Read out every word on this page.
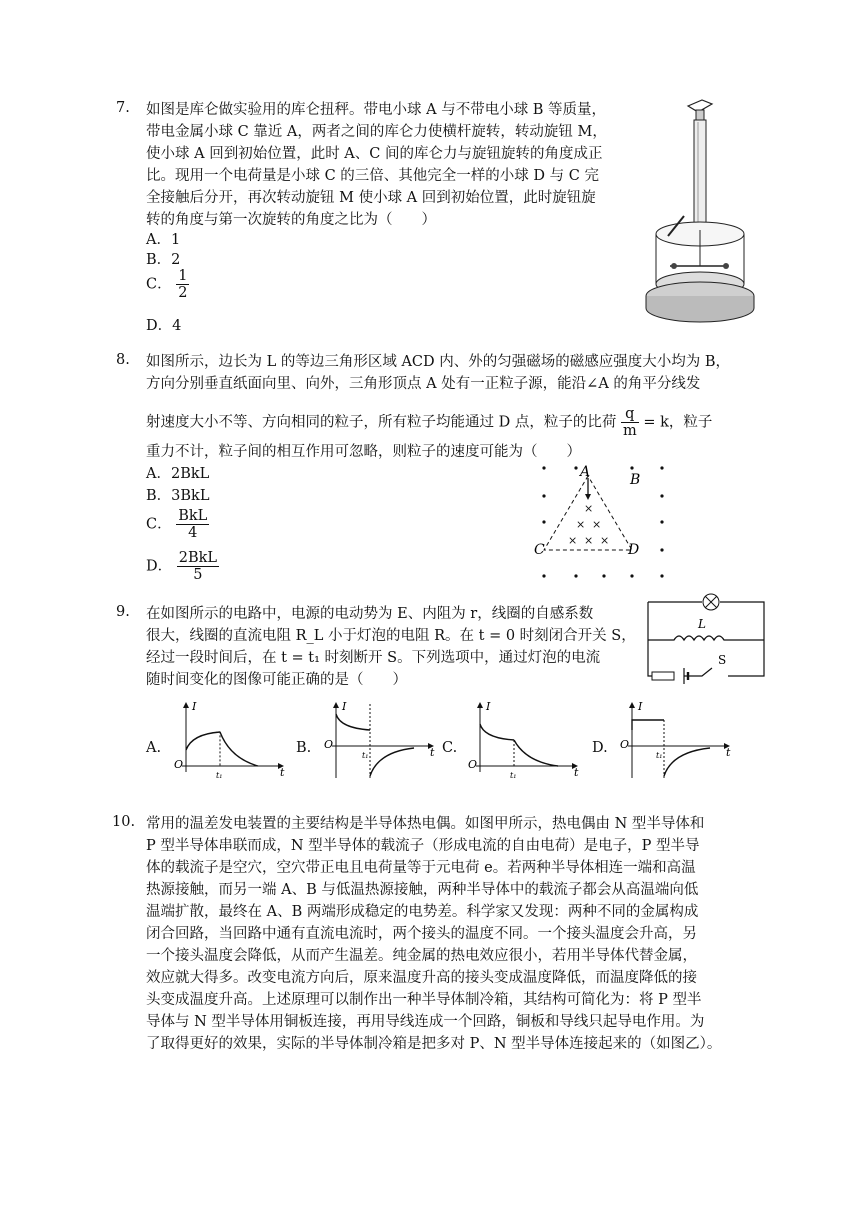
7. 如图是库仑做实验用的库仑扭秤。带电小球 A 与不带电小球 B 等质量，
带电金属小球 C 靠近 A，两者之间的库仑力使横杆旋转，转动旋钮 M，
使小球 A 回到初始位置，此时 A、C 间的库仑力与旋钮旋转的角度成正
比。现用一个电荷量是小球 C 的三倍、其他完全一样的小球 D 与 C 完
全接触后分开，再次转动旋钮 M 使小球 A 回到初始位置，此时旋钮旋
转的角度与第一次旋转的角度之比为（　　）
A．1
B．2
C． $\frac{1}{2}$
D．4
8. 如图所示，边长为 L 的等边三角形区域 ACD 内、外的匀强磁场的磁感应强度大小均为 B，
方向分别垂直纸面向里、向外，三角形顶点 A 处有一正粒子源，能沿∠A 的角平分线发
射速度大小不等、方向相同的粒子，所有粒子均能通过 D 点，粒子的比荷 $\frac{q}{m} = k$，粒子
重力不计，粒子间的相互作用可忽略，则粒子的速度可能为（　　）
A．2BkL
B．3BkL
C． $\frac{\text{BkL}}{4}$
D． $\frac{\text{2BkL}}{5}$
×
× ×
× × ×
A	B
C	D
9. 在如图所示的电路中，电源的电动势为 E、内阻为 r，线圈的自感系数
很大，线圈的直流电阻 R_L 小于灯泡的电阻 R。在 t = 0 时刻闭合开关 S，
经过一段时间后，在 t = t₁ 时刻断开 S。下列选项中，通过灯泡的电流
随时间变化的图像可能正确的是（　　）
L
S
A.
I
t
O
t₁
B.
I
t
O
t₁	C.
I
t
O
t₁
D.
I
t
O
t₁
10. 常用的温差发电装置的主要结构是半导体热电偶。如图甲所示，热电偶由 N 型半导体和
P 型半导体串联而成，N 型半导体的载流子（形成电流的自由电荷）是电子，P 型半导
体的载流子是空穴，空穴带正电且电荷量等于元电荷 e。若两种半导体相连一端和高温
热源接触，而另一端 A、B 与低温热源接触，两种半导体中的载流子都会从高温端向低
温端扩散，最终在 A、B 两端形成稳定的电势差。科学家又发现：两种不同的金属构成
闭合回路，当回路中通有直流电流时，两个接头的温度不同。一个接头温度会升高，另
一个接头温度会降低，从而产生温差。纯金属的热电效应很小，若用半导体代替金属，
效应就大得多。改变电流方向后，原来温度升高的接头变成温度降低，而温度降低的接
头变成温度升高。上述原理可以制作出一种半导体制冷箱，其结构可简化为：将 P 型半
导体与 N 型半导体用铜板连接，再用导线连成一个回路，铜板和导线只起导电作用。为
了取得更好的效果，实际的半导体制冷箱是把多对 P、N 型半导体连接起来的（如图乙）。
